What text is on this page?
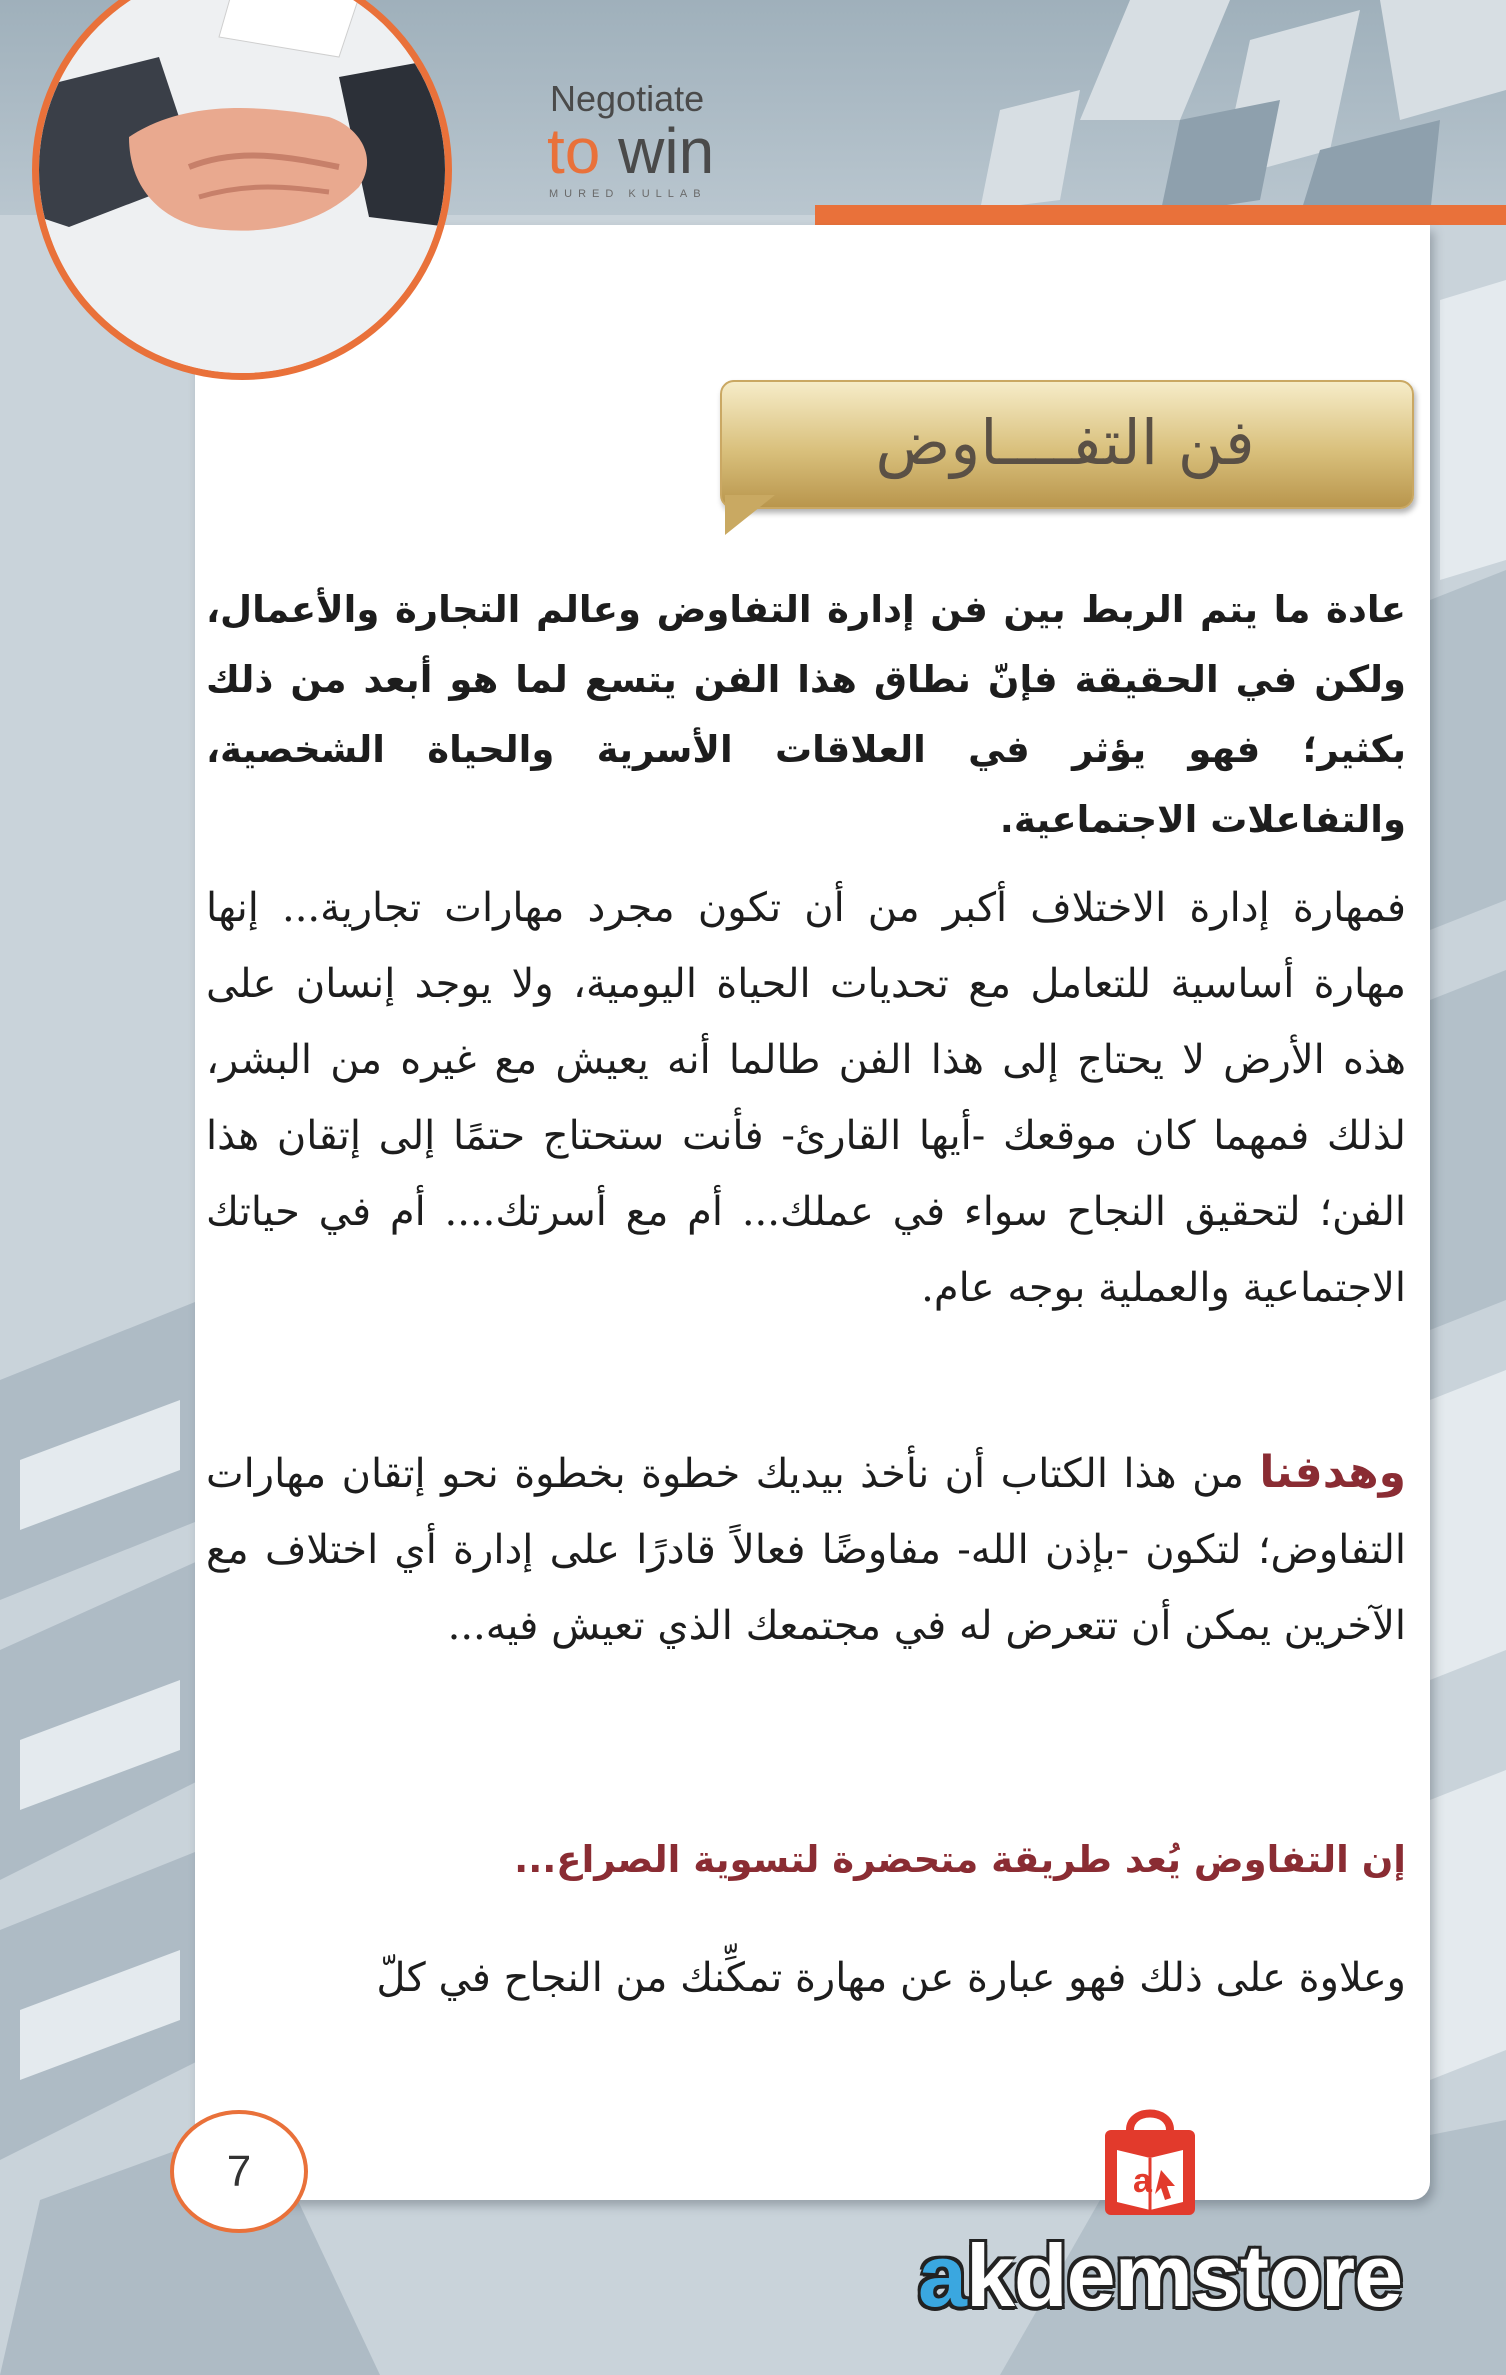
Negotiate
to win
MURED KULLAB
فن التفــــاوض
عادة ما يتم الربط بين فن إدارة التفاوض وعالم التجارة والأعمال، ولكن في الحقيقة فإنّ نطاق هذا الفن يتسع لما هو أبعد من ذلك بكثير؛ فهو يؤثر في العلاقات الأسرية والحياة الشخصية، والتفاعلات الاجتماعية.
فمهارة إدارة الاختلاف أكبر من أن تكون مجرد مهارات تجارية... إنها مهارة أساسية للتعامل مع تحديات الحياة اليومية، ولا يوجد إنسان على هذه الأرض لا يحتاج إلى هذا الفن طالما أنه يعيش مع غيره من البشر، لذلك فمهما كان موقعك -أيها القارئ- فأنت ستحتاج حتمًا إلى إتقان هذا الفن؛ لتحقيق النجاح سواء في عملك... أم مع أسرتك.... أم في حياتك الاجتماعية والعملية بوجه عام.
وهدفنا من هذا الكتاب أن نأخذ بيديك خطوة بخطوة نحو إتقان مهارات التفاوض؛ لتكون -بإذن الله- مفاوضًا فعالاً قادرًا على إدارة أي اختلاف مع الآخرين يمكن أن تتعرض له في مجتمعك الذي تعيش فيه...
إن التفاوض يُعد طريقة متحضرة لتسوية الصراع...
وعلاوة على ذلك فهو عبارة عن مهارة تمكِّنك من النجاح في كلّ
7	a
akdemstore
